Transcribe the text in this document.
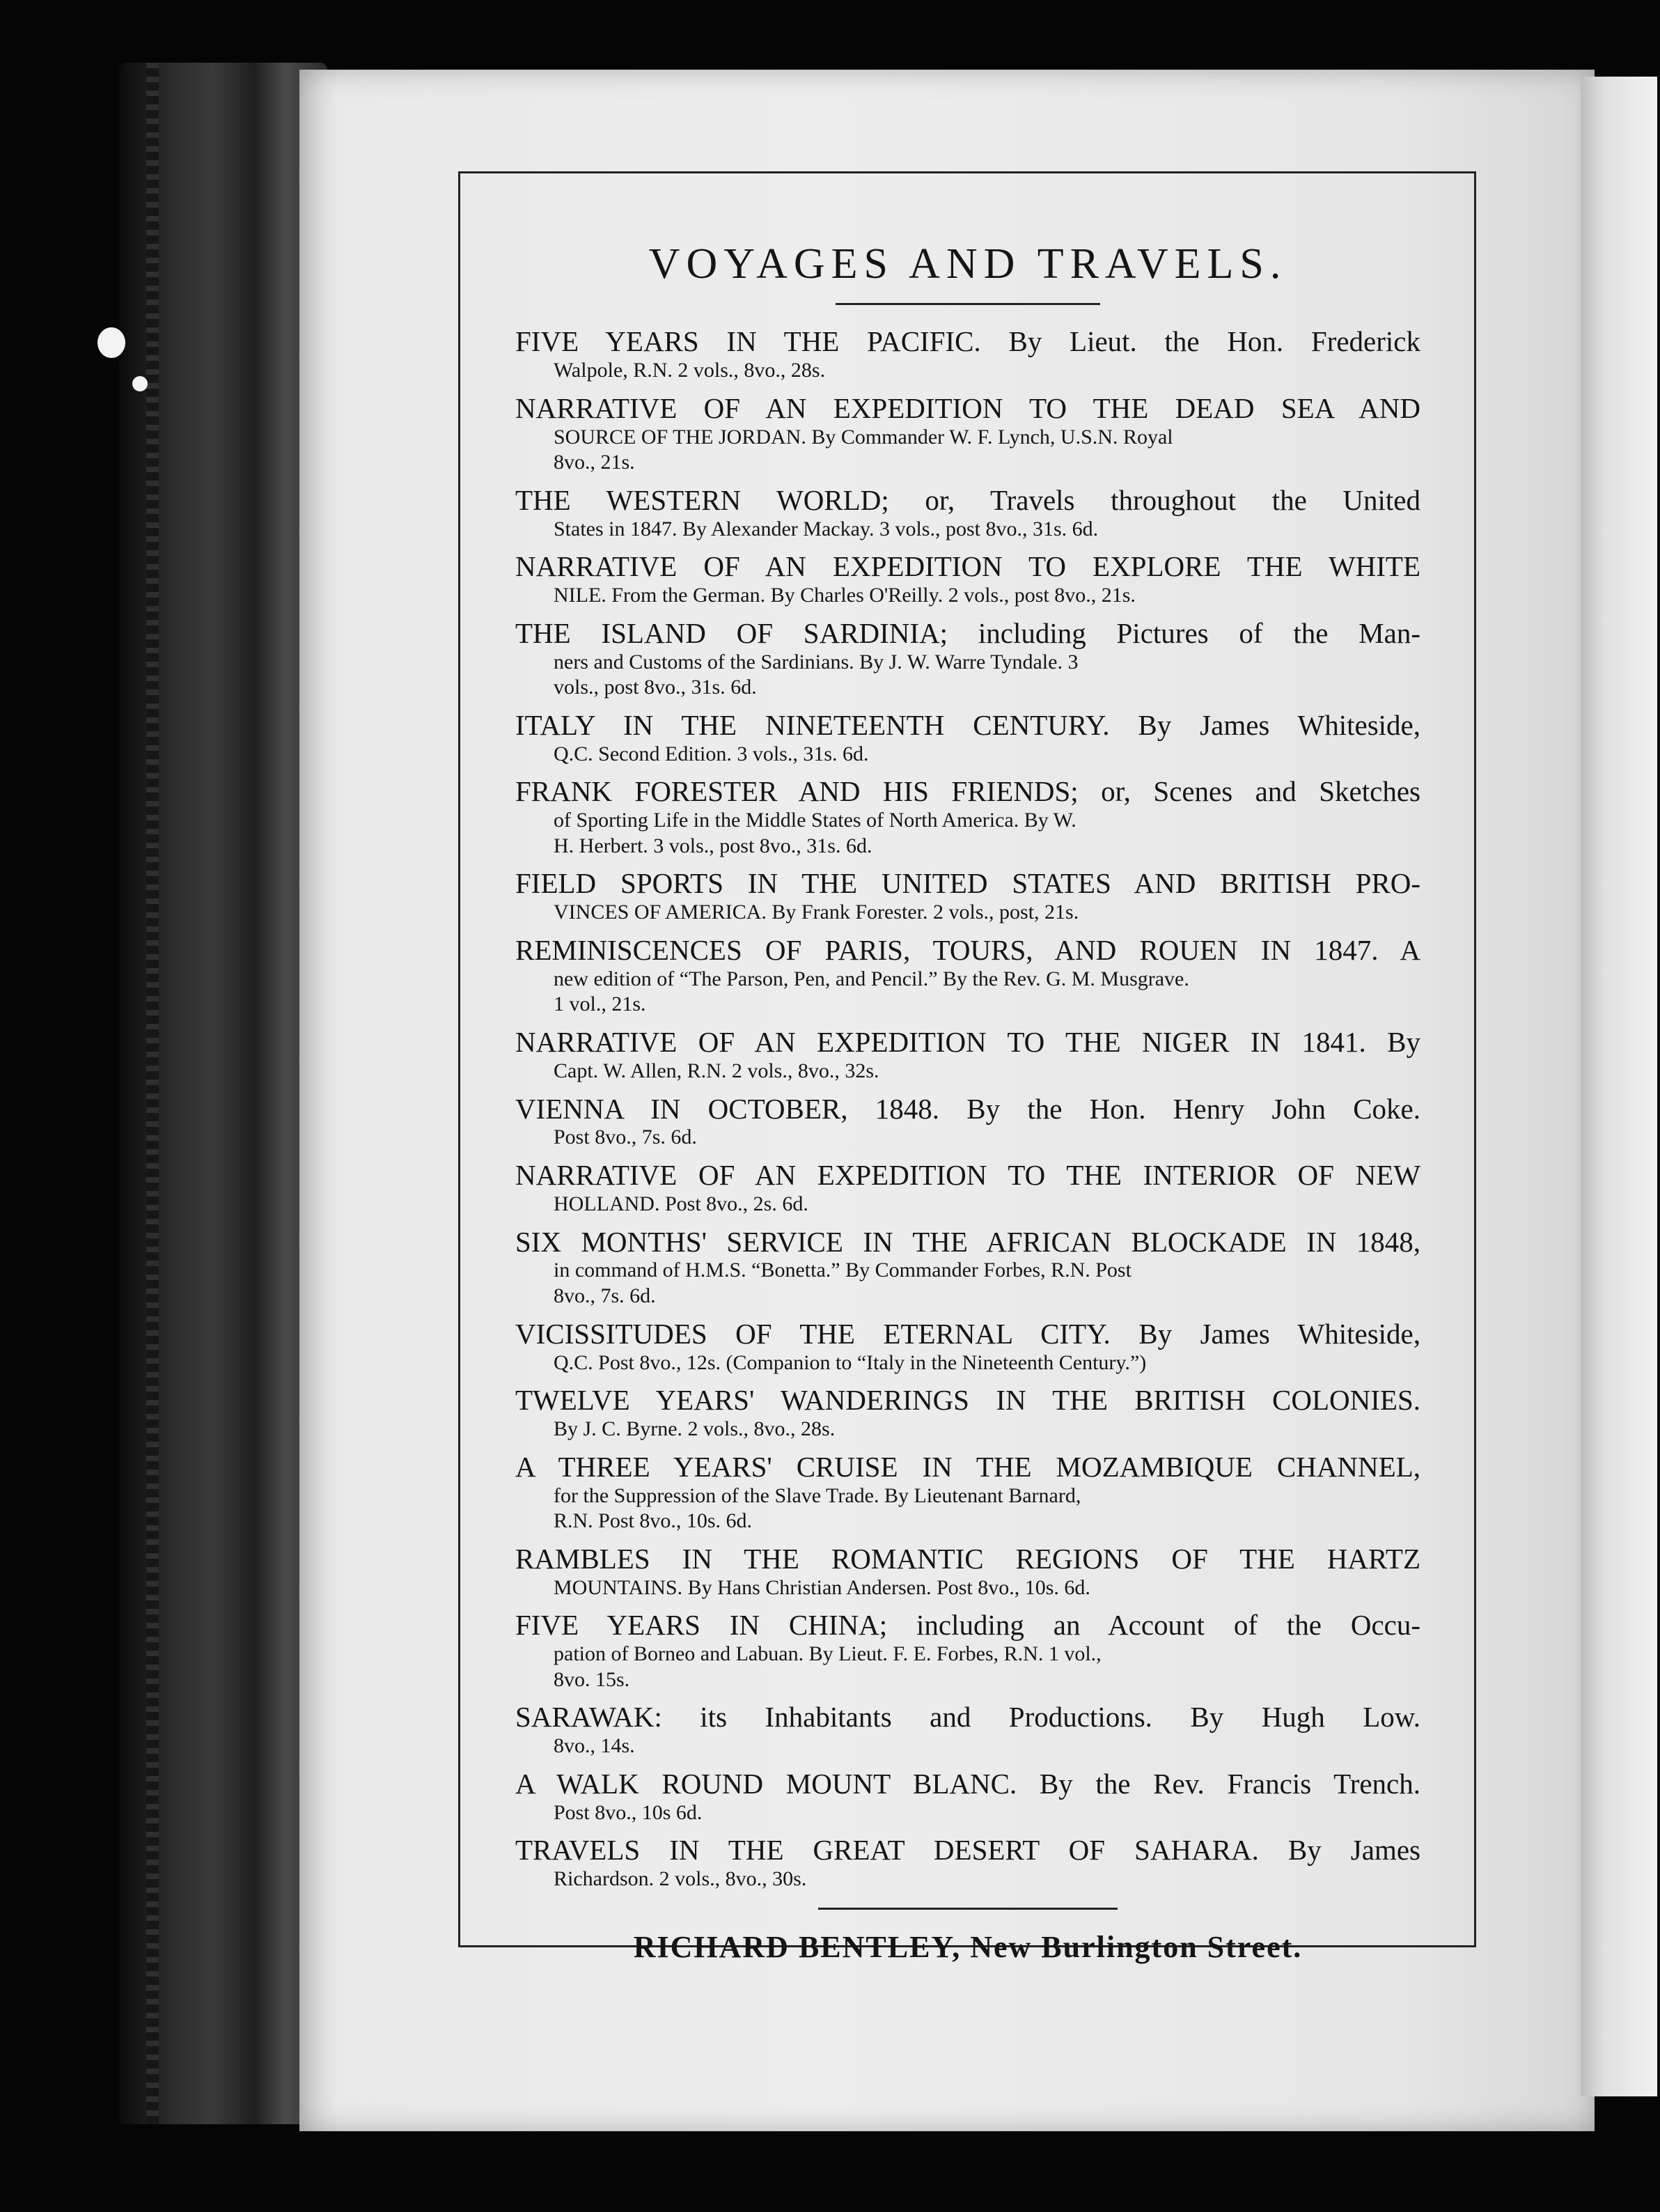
VOYAGES AND TRAVELS.
FIVE YEARS IN THE PACIFIC. By Lieut. the Hon. Frederick
Walpole, R.N. 2 vols., 8vo., 28s.
NARRATIVE OF AN EXPEDITION TO THE DEAD SEA AND
SOURCE OF THE JORDAN. By Commander W. F. Lynch, U.S.N. Royal
8vo., 21s.
THE WESTERN WORLD; or, Travels throughout the United
States in 1847. By Alexander Mackay. 3 vols., post 8vo., 31s. 6d.
NARRATIVE OF AN EXPEDITION TO EXPLORE THE WHITE
NILE. From the German. By Charles O'Reilly. 2 vols., post 8vo., 21s.
THE ISLAND OF SARDINIA; including Pictures of the Man-
ners and Customs of the Sardinians. By J. W. Warre Tyndale. 3
vols., post 8vo., 31s. 6d.
ITALY IN THE NINETEENTH CENTURY. By James Whiteside,
Q.C. Second Edition. 3 vols., 31s. 6d.
FRANK FORESTER AND HIS FRIENDS; or, Scenes and Sketches
of Sporting Life in the Middle States of North America. By W.
H. Herbert. 3 vols., post 8vo., 31s. 6d.
FIELD SPORTS IN THE UNITED STATES AND BRITISH PRO-
VINCES OF AMERICA. By Frank Forester. 2 vols., post, 21s.
REMINISCENCES OF PARIS, TOURS, AND ROUEN IN 1847. A
new edition of “The Parson, Pen, and Pencil.” By the Rev. G. M. Musgrave.
1 vol., 21s.
NARRATIVE OF AN EXPEDITION TO THE NIGER IN 1841. By
Capt. W. Allen, R.N. 2 vols., 8vo., 32s.
VIENNA IN OCTOBER, 1848. By the Hon. Henry John Coke.
Post 8vo., 7s. 6d.
NARRATIVE OF AN EXPEDITION TO THE INTERIOR OF NEW
HOLLAND. Post 8vo., 2s. 6d.
SIX MONTHS' SERVICE IN THE AFRICAN BLOCKADE IN 1848,
in command of H.M.S. “Bonetta.” By Commander Forbes, R.N. Post
8vo., 7s. 6d.
VICISSITUDES OF THE ETERNAL CITY. By James Whiteside,
Q.C. Post 8vo., 12s. (Companion to “Italy in the Nineteenth Century.”)
TWELVE YEARS' WANDERINGS IN THE BRITISH COLONIES.
By J. C. Byrne. 2 vols., 8vo., 28s.
A THREE YEARS' CRUISE IN THE MOZAMBIQUE CHANNEL,
for the Suppression of the Slave Trade. By Lieutenant Barnard,
R.N. Post 8vo., 10s. 6d.
RAMBLES IN THE ROMANTIC REGIONS OF THE HARTZ
MOUNTAINS. By Hans Christian Andersen. Post 8vo., 10s. 6d.
FIVE YEARS IN CHINA; including an Account of the Occu-
pation of Borneo and Labuan. By Lieut. F. E. Forbes, R.N. 1 vol.,
8vo. 15s.
SARAWAK: its Inhabitants and Productions. By Hugh Low.
8vo., 14s.
A WALK ROUND MOUNT BLANC. By the Rev. Francis Trench.
Post 8vo., 10s 6d.
TRAVELS IN THE GREAT DESERT OF SAHARA. By James
Richardson. 2 vols., 8vo., 30s.
RICHARD BENTLEY, New Burlington Street.
